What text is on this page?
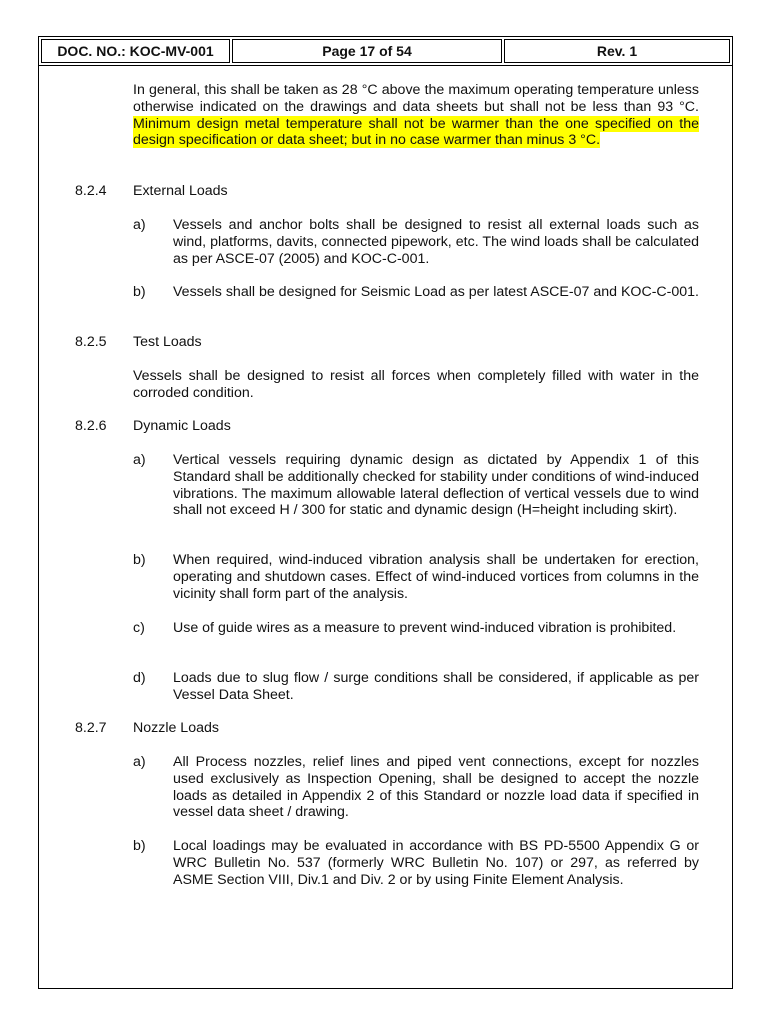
DOC. NO.: KOC-MV-001	Page 17 of 54	Rev. 1
In general, this shall be taken as 28 °C above the maximum operating temperature unless otherwise indicated on the drawings and data sheets but shall not be less than 93 °C. Minimum design metal temperature shall not be warmer than the one specified on the design specification or data sheet; but in no case warmer than minus 3 °C.
8.2.4 External Loads
a) Vessels and anchor bolts shall be designed to resist all external loads such as wind, platforms, davits, connected pipework, etc. The wind loads shall be calculated as per ASCE-07 (2005) and KOC-C-001.
b) Vessels shall be designed for Seismic Load as per latest ASCE-07 and KOC-C-001.
8.2.5 Test Loads
Vessels shall be designed to resist all forces when completely filled with water in the corroded condition.
8.2.6 Dynamic Loads
a) Vertical vessels requiring dynamic design as dictated by Appendix 1 of this Standard shall be additionally checked for stability under conditions of wind-induced vibrations. The maximum allowable lateral deflection of vertical vessels due to wind shall not exceed H / 300 for static and dynamic design (H=height including skirt).
b) When required, wind-induced vibration analysis shall be undertaken for erection, operating and shutdown cases. Effect of wind-induced vortices from columns in the vicinity shall form part of the analysis.
c) Use of guide wires as a measure to prevent wind-induced vibration is prohibited.
d) Loads due to slug flow / surge conditions shall be considered, if applicable as per Vessel Data Sheet.
8.2.7 Nozzle Loads
a) All Process nozzles, relief lines and piped vent connections, except for nozzles used exclusively as Inspection Opening, shall be designed to accept the nozzle loads as detailed in Appendix 2 of this Standard or nozzle load data if specified in vessel data sheet / drawing.
b) Local loadings may be evaluated in accordance with BS PD-5500 Appendix G or WRC Bulletin No. 537 (formerly WRC Bulletin No. 107) or 297, as referred by ASME Section VIII, Div.1 and Div. 2 or by using Finite Element Analysis.
